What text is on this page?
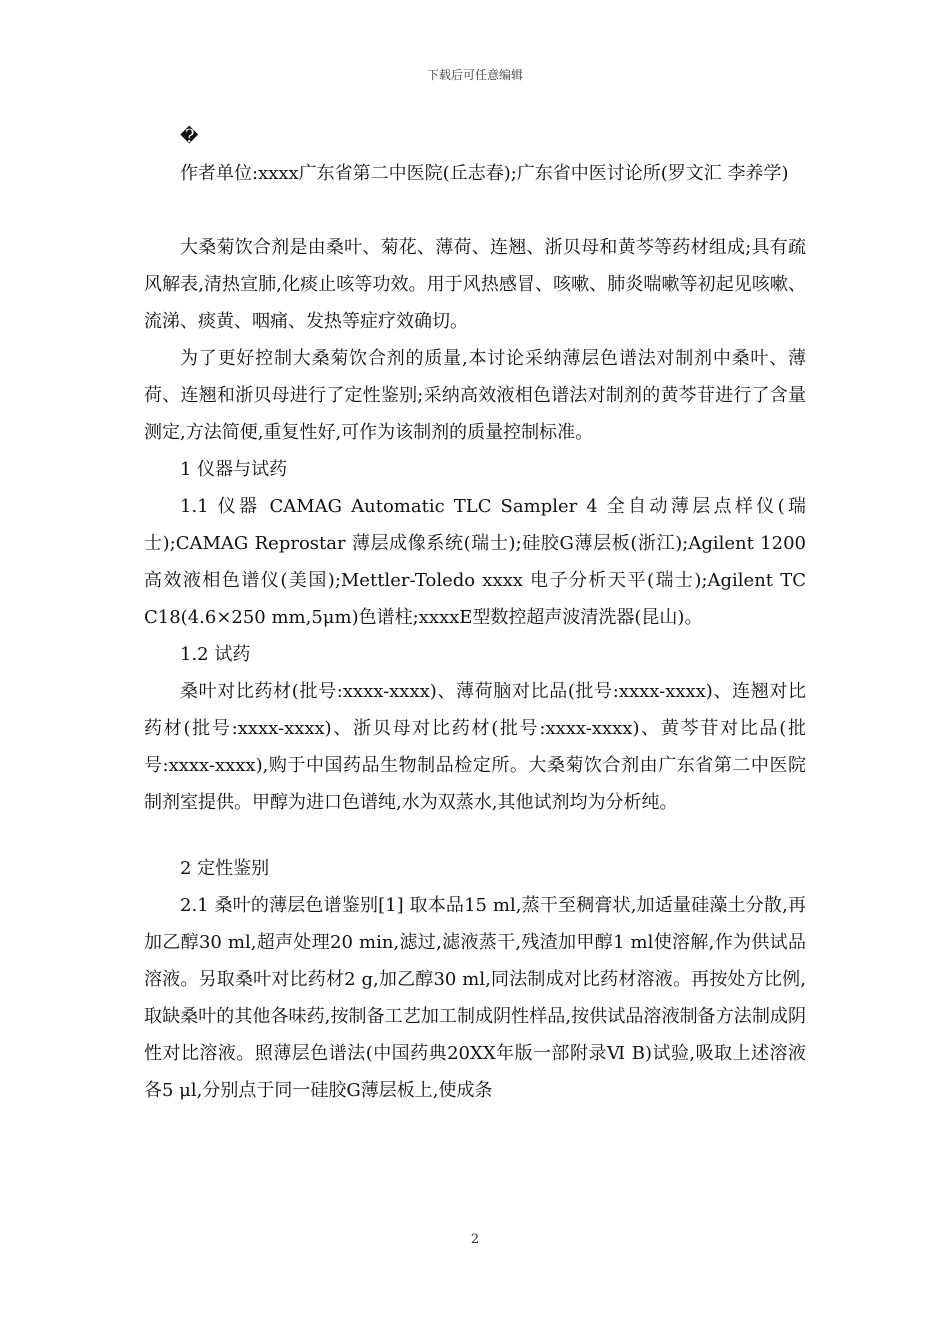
下载后可任意编辑

�

作者单位:xxxx广东省第二中医院(丘志春);广东省中医讨论所(罗文汇 李养学)

大桑菊饮合剂是由桑叶、菊花、薄荷、连翘、浙贝母和黄芩等药材组成;具有疏风解表,清热宣肺,化痰止咳等功效。用于风热感冒、咳嗽、肺炎喘嗽等初起见咳嗽、流涕、痰黄、咽痛、发热等症疗效确切。

为了更好控制大桑菊饮合剂的质量,本讨论采纳薄层色谱法对制剂中桑叶、薄荷、连翘和浙贝母进行了定性鉴别;采纳高效液相色谱法对制剂的黄芩苷进行了含量测定,方法简便,重复性好,可作为该制剂的质量控制标准。

1 仪器与试药

1.1 仪器 CAMAG Automatic TLC Sampler 4 全自动薄层点样仪(瑞士);CAMAG Reprostar 薄层成像系统(瑞士);硅胶G薄层板(浙江);Agilent 1200 高效液相色谱仪(美国);Mettler-Toledo xxxx 电子分析天平(瑞士);Agilent TC C18(4.6×250 mm,5μm)色谱柱;xxxxE型数控超声波清洗器(昆山)。

1.2 试药

桑叶对比药材(批号:xxxx-xxxx)、薄荷脑对比品(批号:xxxx-xxxx)、连翘对比药材(批号:xxxx-xxxx)、浙贝母对比药材(批号:xxxx-xxxx)、黄芩苷对比品(批号:xxxx-xxxx),购于中国药品生物制品检定所。大桑菊饮合剂由广东省第二中医院制剂室提供。甲醇为进口色谱纯,水为双蒸水,其他试剂均为分析纯。

2 定性鉴别

2.1 桑叶的薄层色谱鉴别[1] 取本品15 ml,蒸干至稠膏状,加适量硅藻土分散,再加乙醇30 ml,超声处理20 min,滤过,滤液蒸干,残渣加甲醇1 ml使溶解,作为供试品溶液。另取桑叶对比药材2 g,加乙醇30 ml,同法制成对比药材溶液。再按处方比例,取缺桑叶的其他各味药,按制备工艺加工制成阴性样品,按供试品溶液制备方法制成阴性对比溶液。照薄层色谱法(中国药典20XX年版一部附录Ⅵ B)试验,吸取上述溶液各5 μl,分别点于同一硅胶G薄层板上,使成条

2
